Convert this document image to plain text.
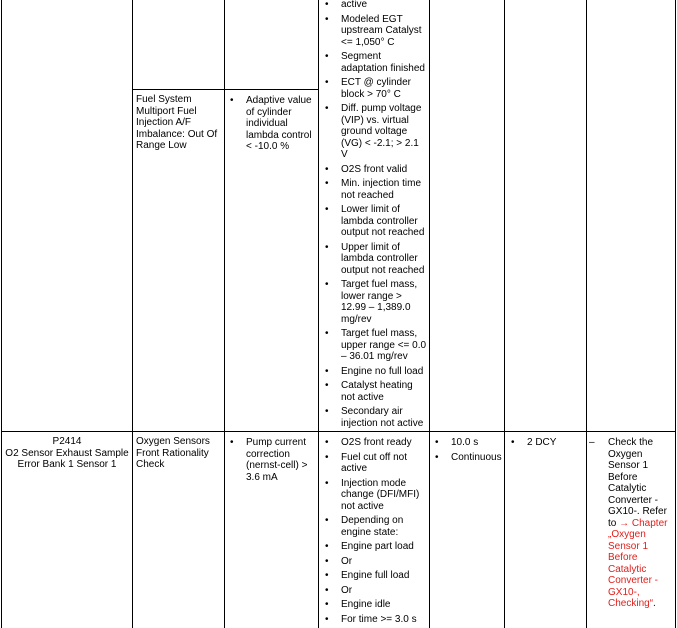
Fuel System Multiport Fuel Injection A/F Imbalance: Out Of Range Low
• Adaptive value of cylinder individual lambda control < -10.0 %
• active
• Modeled EGT upstream Catalyst <= 1,050° C
• Segment adaptation finished
• ECT @ cylinder block > 70° C
• Diff. pump voltage (VIP) vs. virtual ground voltage (VG) < -2.1; > 2.1 V
• O2S front valid
• Min. injection time not reached
• Lower limit of lambda controller output not reached
• Upper limit of lambda controller output not reached
• Target fuel mass, lower range > 12.99 – 1,389.0 mg/rev
• Target fuel mass, upper range <= 0.0 – 36.01 mg/rev
• Engine no full load
• Catalyst heating not active
• Secondary air injection not active
P2414
O2 Sensor Exhaust Sample Error Bank 1 Sensor 1
Oxygen Sensors Front Rationality Check
• Pump current correction (nernst-cell) > 3.6 mA
• O2S front ready
• Fuel cut off not active
• Injection mode change (DFI/MFI) not active
• Depending on engine state:
• Engine part load
• Or
• Engine full load
• Or
• Engine idle
• For time >= 3.0 s
• 10.0 s
• Continuous
• 2 DCY
–	Check the Oxygen Sensor 1 Before Catalytic Converter - GX10-. Refer to → Chapter „Oxygen Sensor 1 Before Catalytic Converter - GX10-, Checking“.
